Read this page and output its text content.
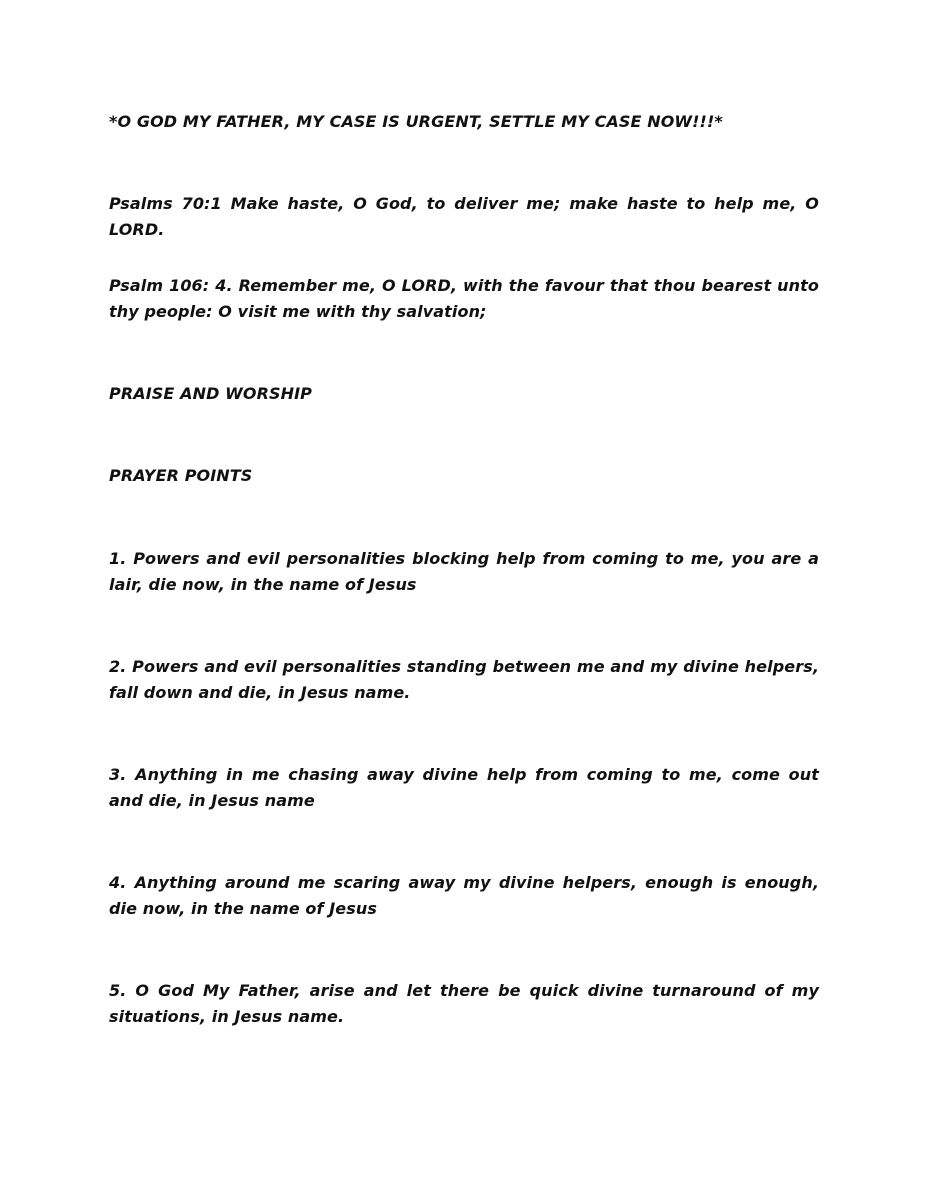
*O GOD MY FATHER, MY CASE IS URGENT, SETTLE MY CASE NOW!!!*

Psalms 70:1 Make haste, O God, to deliver me; make haste to help me, O LORD.

Psalm 106: 4. Remember me, O LORD, with the favour that thou bearest unto thy people: O visit me with thy salvation;

PRAISE AND WORSHIP

PRAYER POINTS

1. Powers and evil personalities blocking help from coming to me, you are a lair, die now, in the name of Jesus

2. Powers and evil personalities standing between me and my divine helpers, fall down and die, in Jesus name.

3. Anything in me chasing away divine help from coming to me, come out and die, in Jesus name

4. Anything around me scaring away my divine helpers, enough is enough, die now, in the name of Jesus

5. O God My Father, arise and let there be quick divine turnaround of my situations, in Jesus name.
